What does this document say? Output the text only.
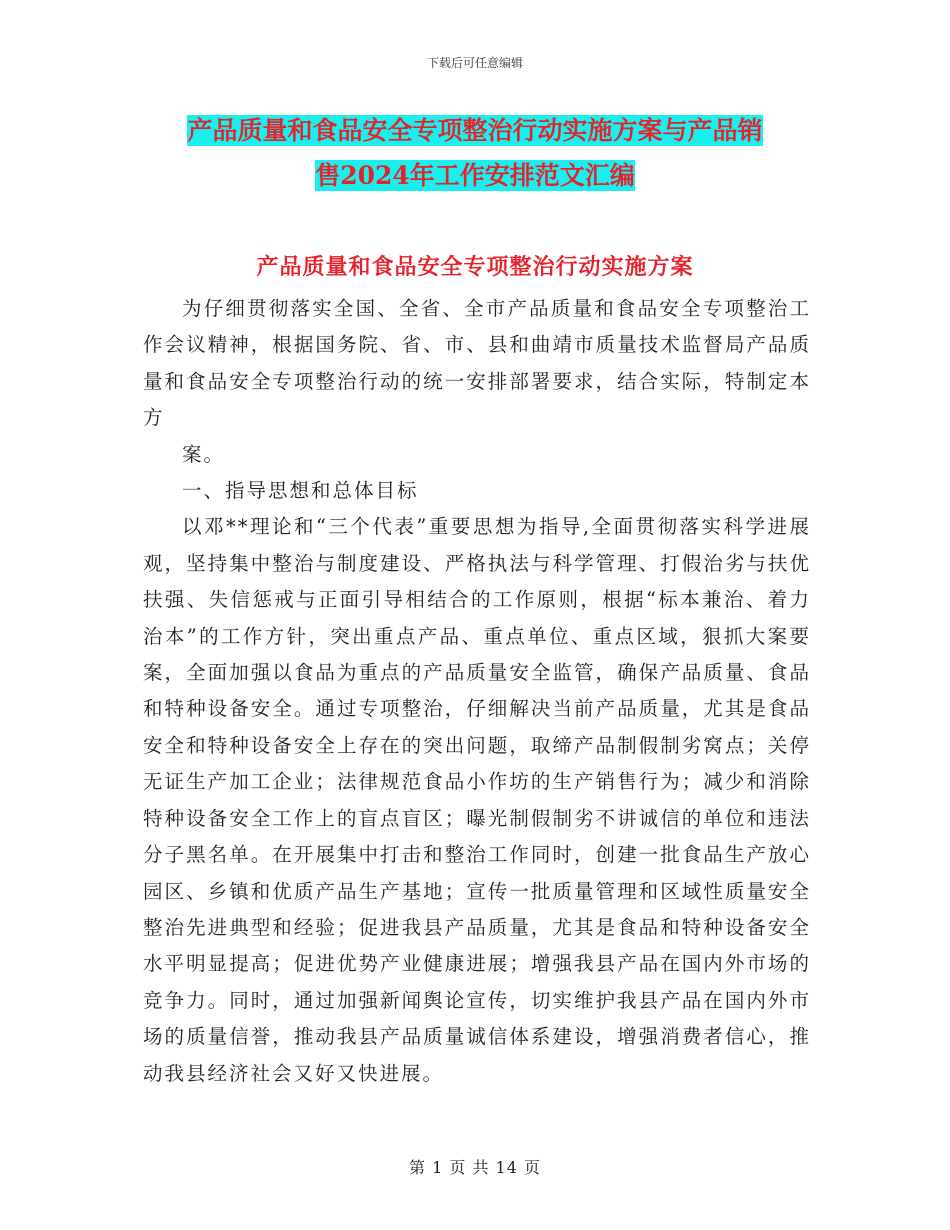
下载后可任意编辑
产品质量和食品安全专项整治行动实施方案与产品销
售2024年工作安排范文汇编
产品质量和食品安全专项整治行动实施方案

为仔细贯彻落实全国、全省、全市产品质量和食品安全专项整治工作会议精神，根据国务院、省、市、县和曲靖市质量技术监督局产品质量和食品安全专项整治行动的统一安排部署要求，结合实际，特制定本方

案。

一、指导思想和总体目标

以邓**理论和“三个代表”重要思想为指导,全面贯彻落实科学进展观，坚持集中整治与制度建设、严格执法与科学管理、打假治劣与扶优扶强、失信惩戒与正面引导相结合的工作原则，根据“标本兼治、着力治本”的工作方针，突出重点产品、重点单位、重点区域，狠抓大案要案，全面加强以食品为重点的产品质量安全监管，确保产品质量、食品和特种设备安全。通过专项整治，仔细解决当前产品质量，尤其是食品安全和特种设备安全上存在的突出问题，取缔产品制假制劣窝点；关停无证生产加工企业；法律规范食品小作坊的生产销售行为；减少和消除特种设备安全工作上的盲点盲区；曝光制假制劣不讲诚信的单位和违法分子黑名单。在开展集中打击和整治工作同时，创建一批食品生产放心园区、乡镇和优质产品生产基地；宣传一批质量管理和区域性质量安全整治先进典型和经验；促进我县产品质量，尤其是食品和特种设备安全水平明显提高；促进优势产业健康进展；增强我县产品在国内外市场的竞争力。同时，通过加强新闻舆论宣传，切实维护我县产品在国内外市场的质量信誉，推动我县产品质量诚信体系建设，增强消费者信心，推动我县经济社会又好又快进展。

第 1 页 共 14 页
